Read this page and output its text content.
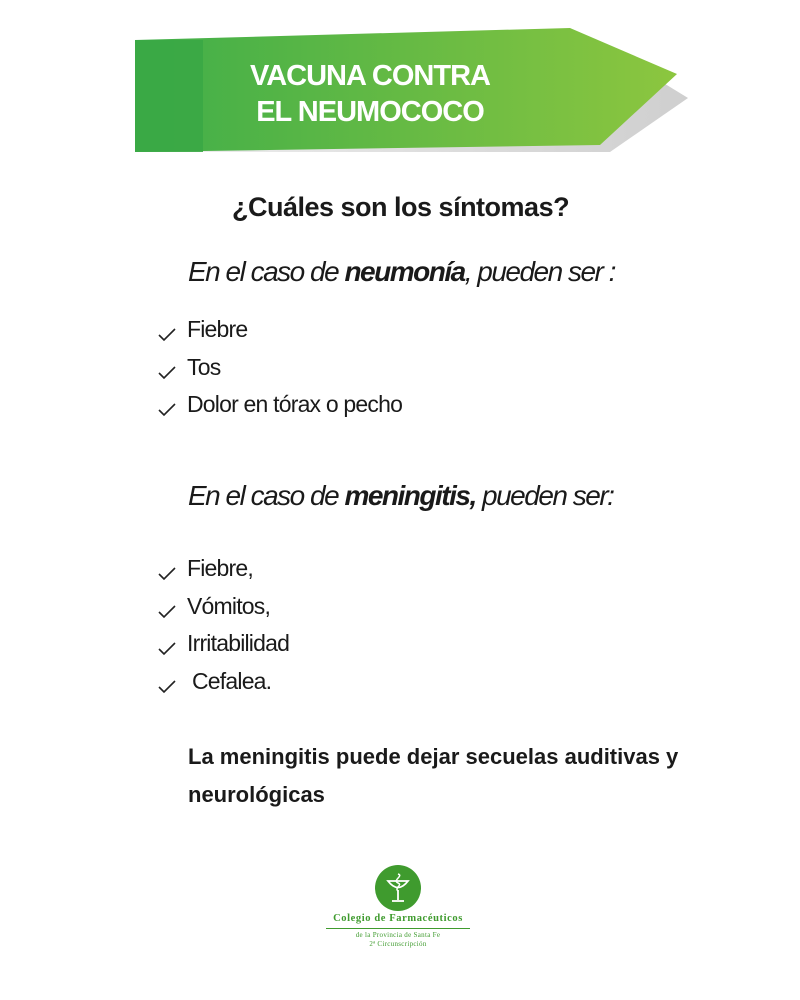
VACUNA CONTRA
EL NEUMOCOCO
¿Cuáles son los síntomas?
En el caso de neumonía, pueden ser :
Fiebre
Tos
Dolor en tórax o pecho
En el caso de meningitis, pueden ser:
Fiebre,
Vómitos,
Irritabilidad
Cefalea.
La meningitis puede dejar secuelas auditivas y neurológicas
Colegio de Farmacéuticos
de la Provincia de Santa Fe
2ª Circunscripción
